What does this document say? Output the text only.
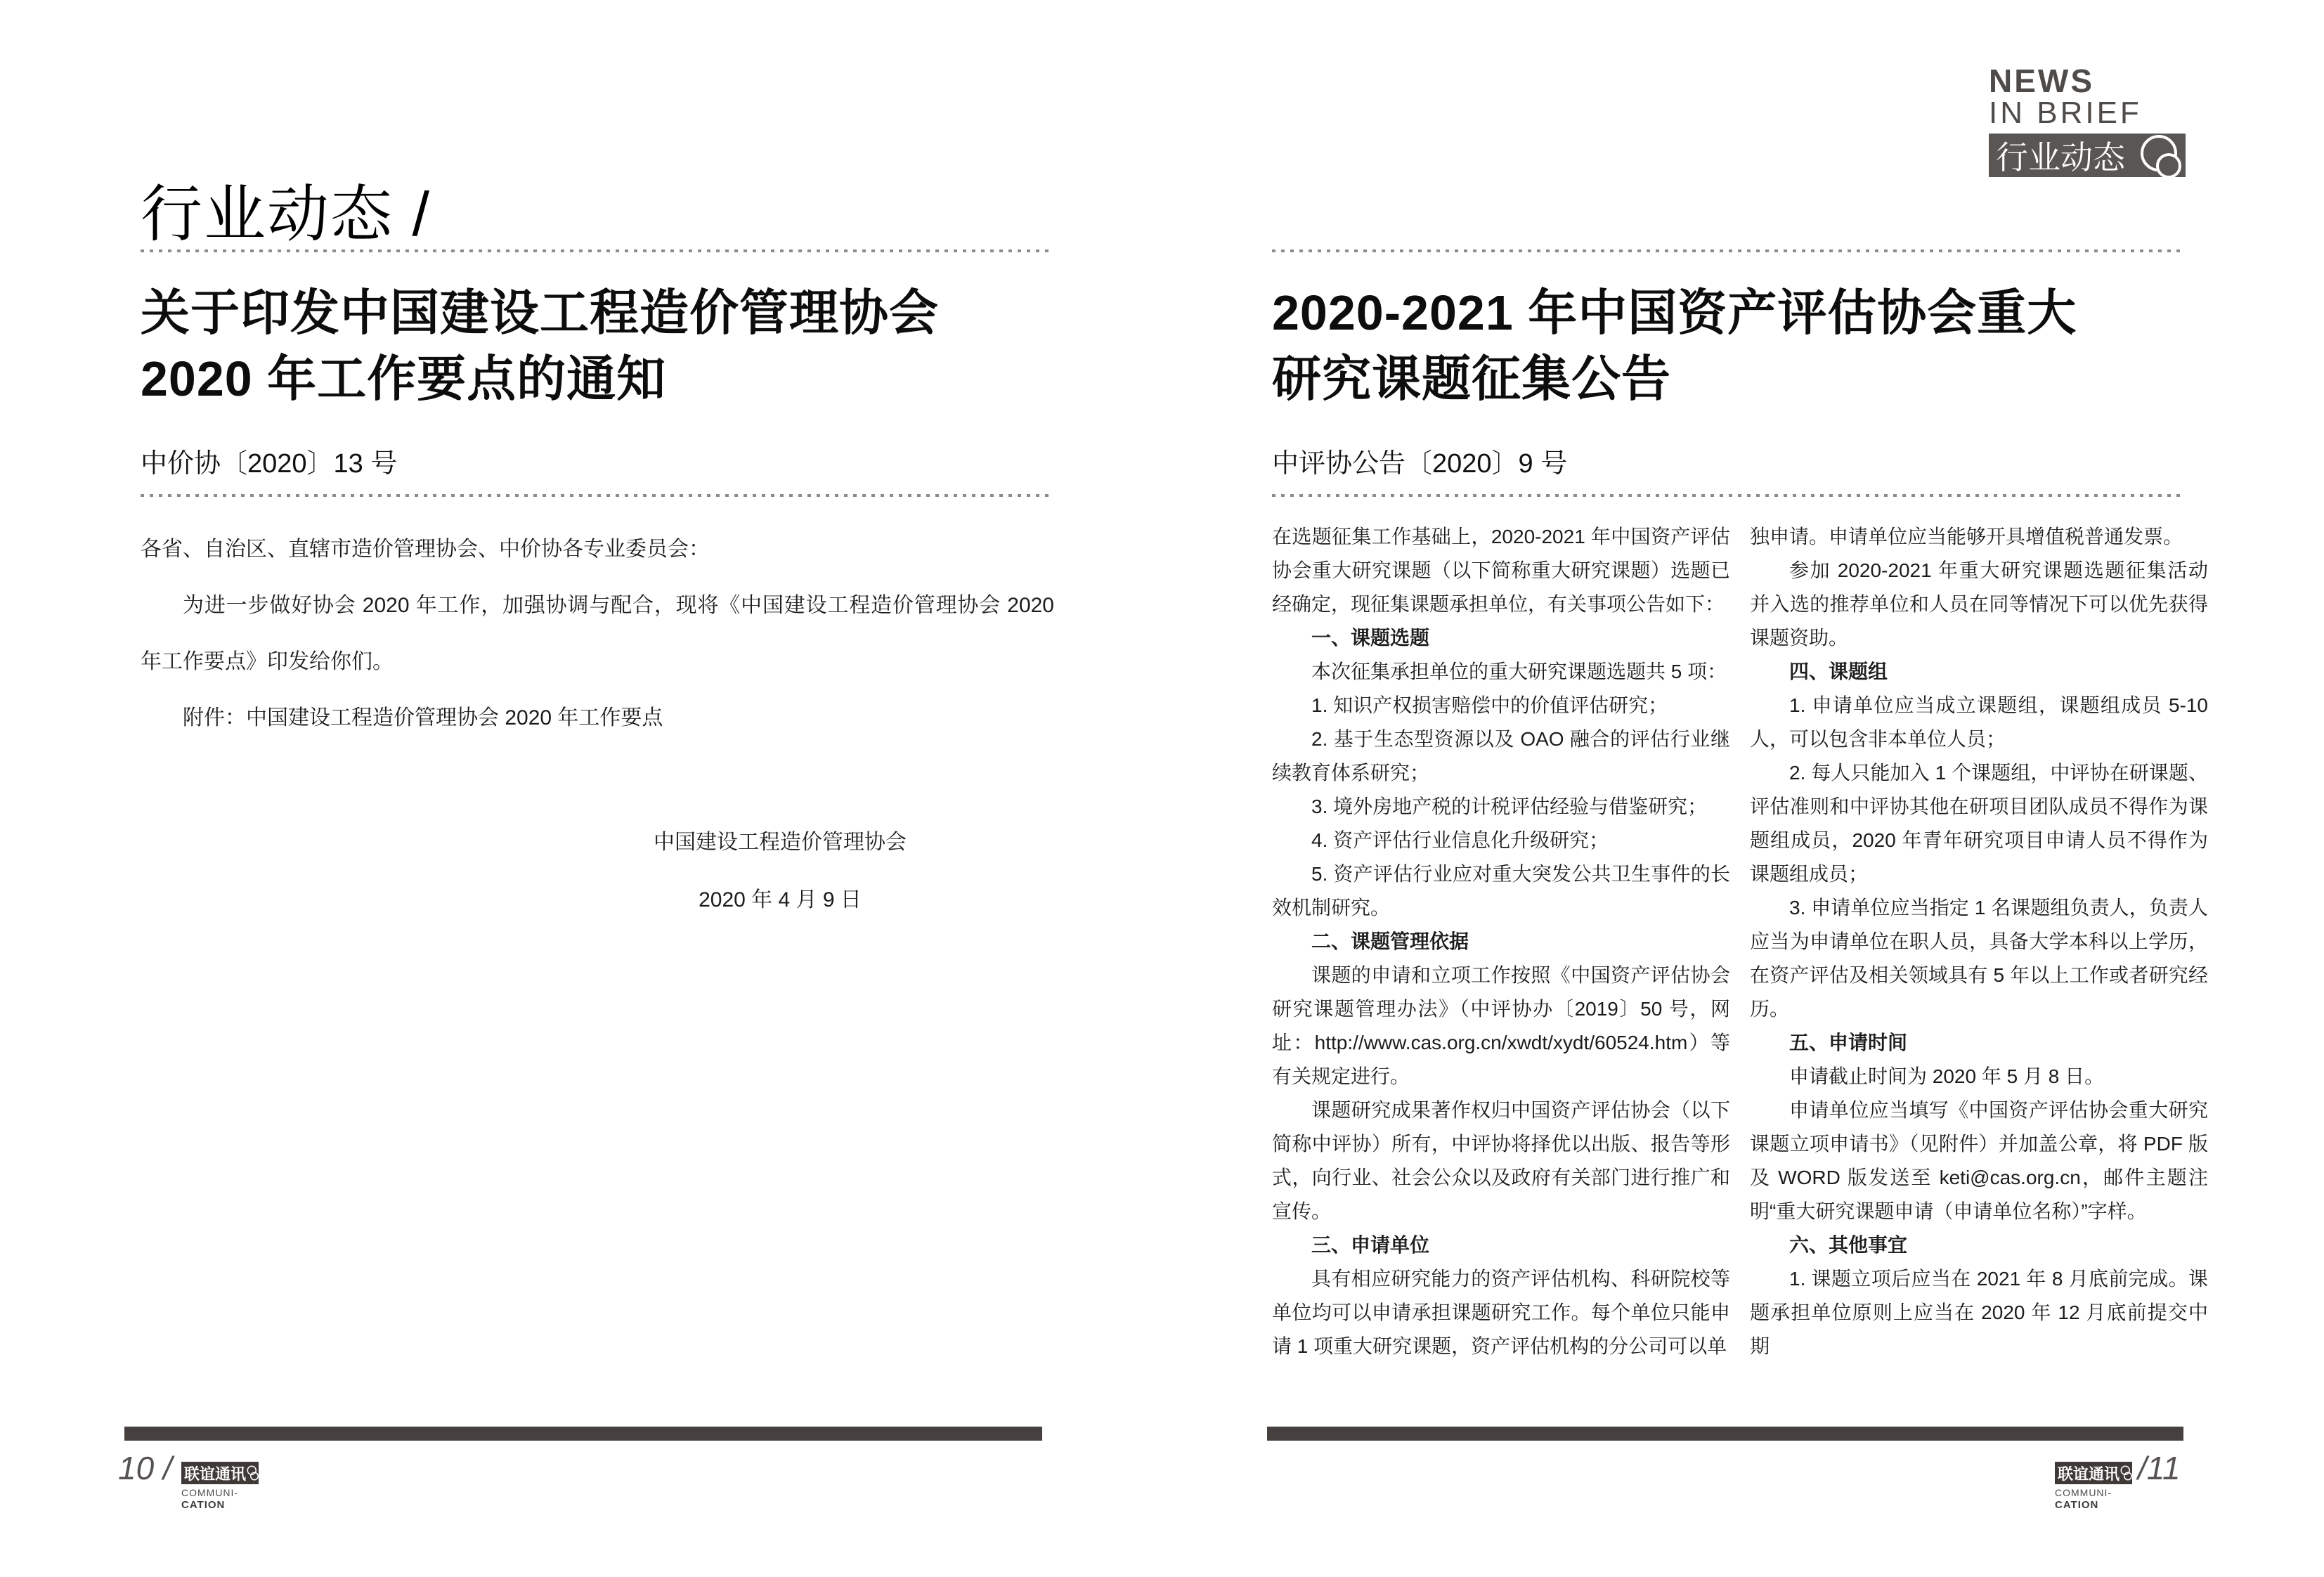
行业动态 /
关于印发中国建设工程造价管理协会
2020 年工作要点的通知
中价协〔2020〕13 号

各省、自治区、直辖市造价管理协会、中价协各专业委员会：

为进一步做好协会 2020 年工作，加强协调与配合，现将《中国建设工程造价管理协会 2020 年工作要点》印发给你们。

附件：中国建设工程造价管理协会 2020 年工作要点

中国建设工程造价管理协会
2020 年 4 月 9 日
10 / 联谊通讯
COMMUNI-
CATION
NEWS
IN BRIEF
行业动态
2020-2021 年中国资产评估协会重大
研究课题征集公告
中评协公告〔2020〕9 号

在选题征集工作基础上，2020-2021 年中国资产评估协会重大研究课题（以下简称重大研究课题）选题已经确定，现征集课题承担单位，有关事项公告如下：

一、课题选题

本次征集承担单位的重大研究课题选题共 5 项：

1. 知识产权损害赔偿中的价值评估研究；

2. 基于生态型资源以及 OAO 融合的评估行业继续教育体系研究；

3. 境外房地产税的计税评估经验与借鉴研究；

4. 资产评估行业信息化升级研究；

5. 资产评估行业应对重大突发公共卫生事件的长效机制研究。

二、课题管理依据

课题的申请和立项工作按照《中国资产评估协会研究课题管理办法》（中评协办〔2019〕50 号，网址：http://www.cas.org.cn/xwdt/xydt/60524.htm）等有关规定进行。

课题研究成果著作权归中国资产评估协会（以下简称中评协）所有，中评协将择优以出版、报告等形式，向行业、社会公众以及政府有关部门进行推广和宣传。

三、申请单位

具有相应研究能力的资产评估机构、科研院校等单位均可以申请承担课题研究工作。每个单位只能申请 1 项重大研究课题，资产评估机构的分公司可以单

独申请。申请单位应当能够开具增值税普通发票。

参加 2020-2021 年重大研究课题选题征集活动并入选的推荐单位和人员在同等情况下可以优先获得课题资助。

四、课题组

1. 申请单位应当成立课题组，课题组成员 5-10 人，可以包含非本单位人员；

2. 每人只能加入 1 个课题组，中评协在研课题、评估准则和中评协其他在研项目团队成员不得作为课题组成员，2020 年青年研究项目申请人员不得作为课题组成员；

3. 申请单位应当指定 1 名课题组负责人，负责人应当为申请单位在职人员，具备大学本科以上学历，在资产评估及相关领域具有 5 年以上工作或者研究经历。

五、申请时间

申请截止时间为 2020 年 5 月 8 日。

申请单位应当填写《中国资产评估协会重大研究课题立项申请书》（见附件）并加盖公章，将 PDF 版及 WORD 版发送至 keti@cas.org.cn，邮件主题注明“重大研究课题申请（申请单位名称）”字样。

六、其他事宜

1. 课题立项后应当在 2021 年 8 月底前完成。课题承担单位原则上应当在 2020 年 12 月底前提交中期

联谊通讯
COMMUNI-
CATION
/11
